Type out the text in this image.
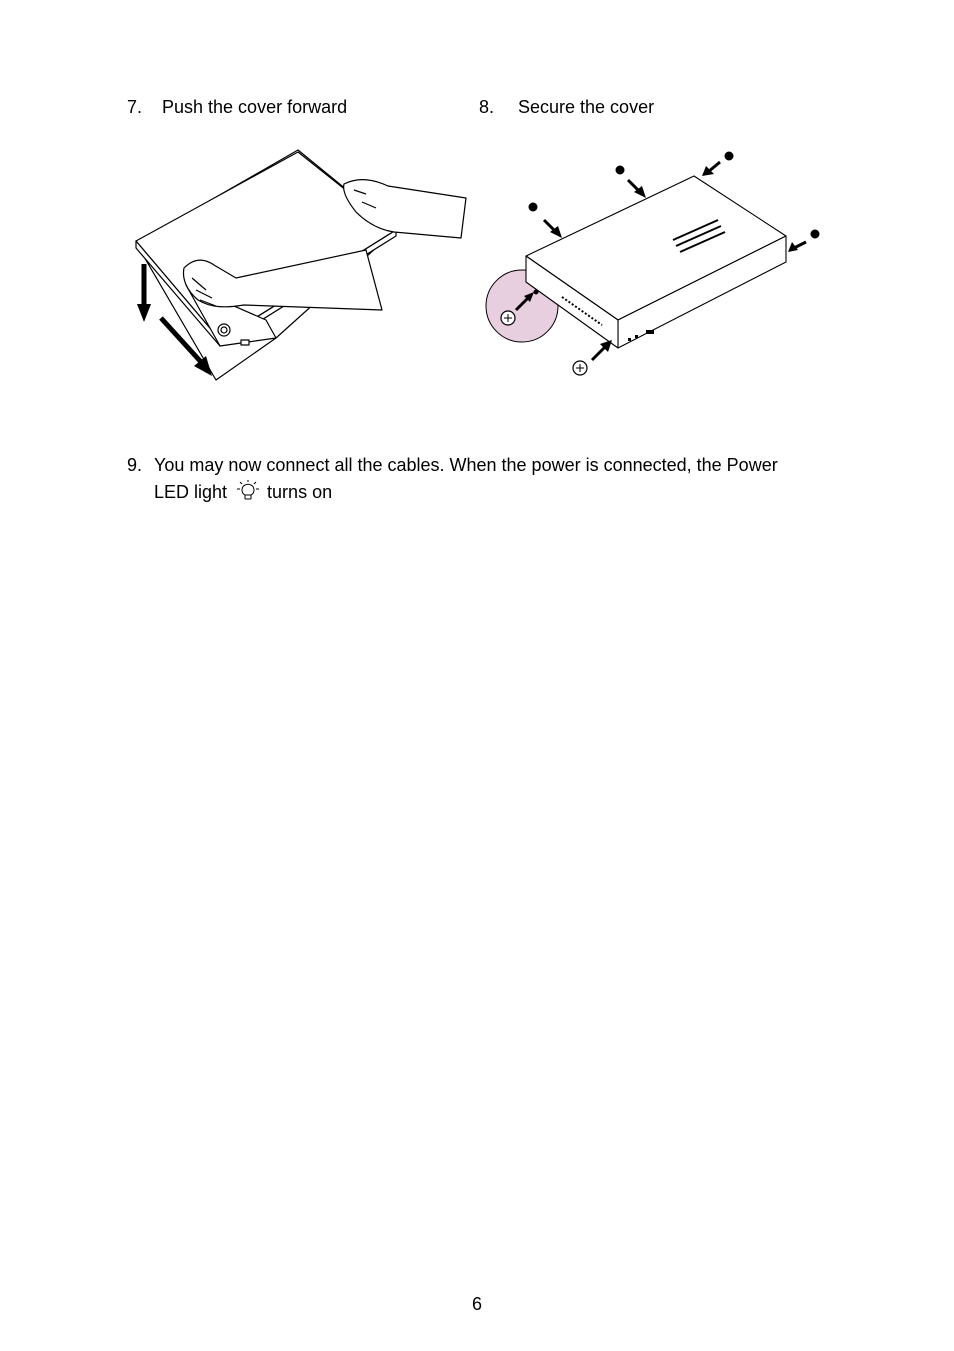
7. Push the cover forward	8. Secure the cover
9. You may now connect all the cables. When the power is connected, the Power
LED light turns on
6
